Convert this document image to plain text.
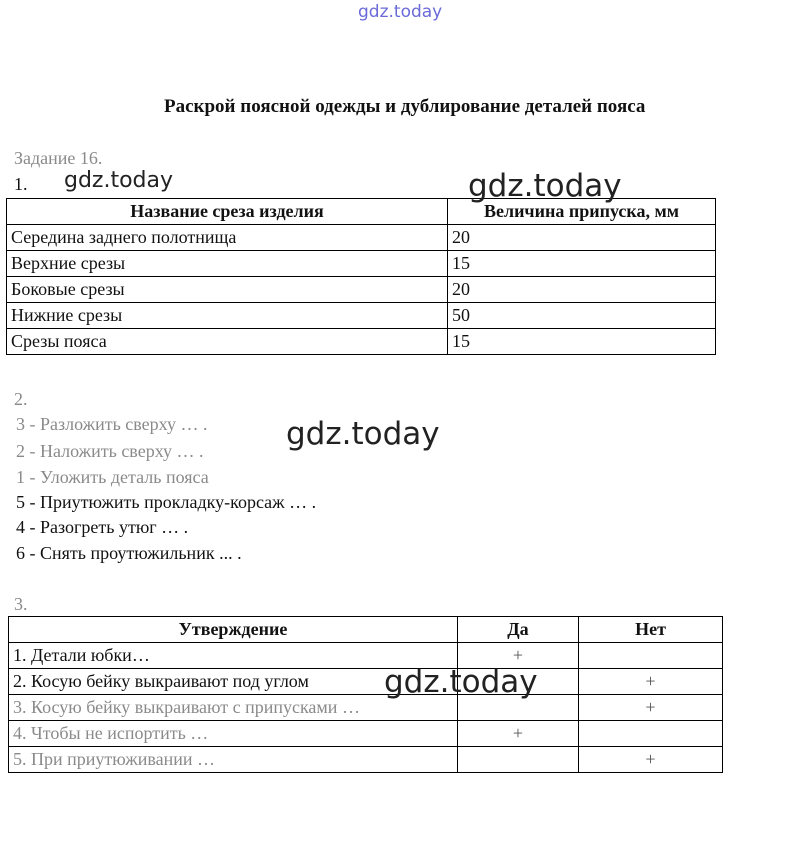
gdz.today
Раскрой поясной одежды и дублирование деталей пояса
Задание 16.
1.
Название среза изделия	Величина припуска, мм
Середина заднего полотнища	20
Верхние срезы	15
Боковые срезы	20
Нижние срезы	50
Срезы пояса	15
2.
3 - Разложить сверху … .
2 - Наложить сверху … .
1 - Уложить деталь пояса
5 - Приутюжить прокладку-корсаж … .
4 - Разогреть утюг … .
6 - Снять проутюжильник ... .
3.
Утверждение	Да	Нет
1. Детали юбки…	+	
2. Косую бейку выкраивают под углом		+
3. Косую бейку выкраивают с припусками …		+
4. Чтобы не испортить …	+	
5. При приутюживании …		+
gdz.today	gdz.today
gdz.today
gdz.today
